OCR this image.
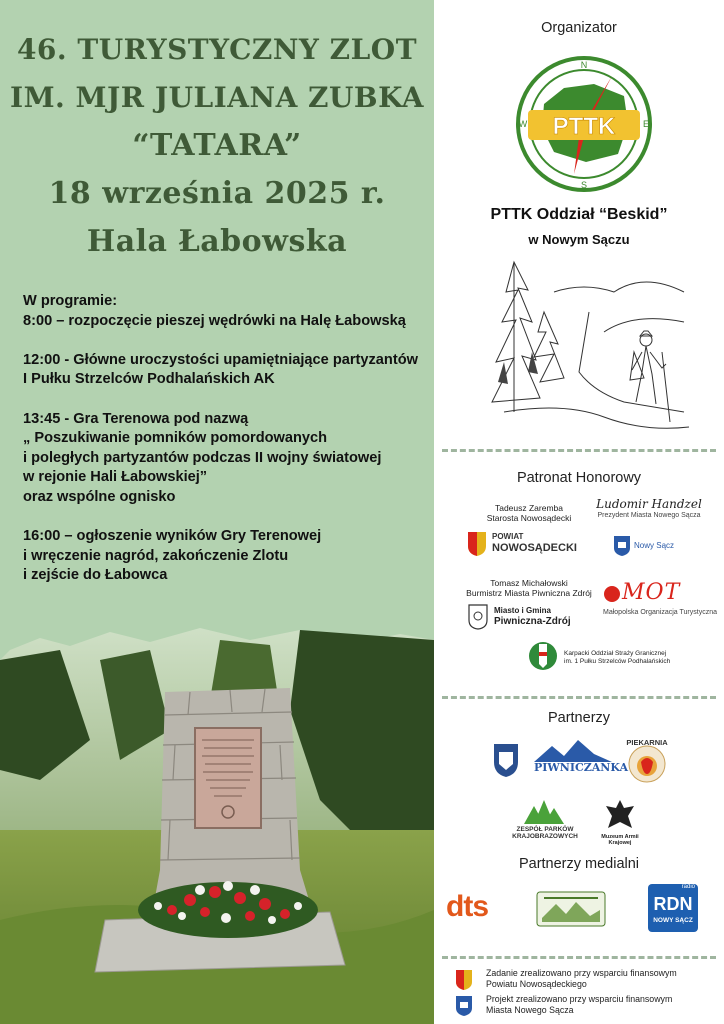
46. TURYSTYCZNY ZLOT
IM. MJR JULIANA ZUBKA
“TATARA”
18 września 2025 r.
Hala Łabowska

W programie:

8:00 – rozpoczęcie pieszej wędrówki na Halę Łabowską

12:00 - Główne uroczystości upamiętniające partyzantów I Pułku Strzelców Podhalańskich AK

13:45 - Gra Terenowa pod nazwą
„ Poszukiwanie pomników pomordowanych
i poległych partyzantów podczas II wojny światowej
w rejonie Hali Łabowskiej”
oraz wspólne ognisko

16:00 – ogłoszenie wyników Gry Terenowej
i wręczenie nagród, zakończenie Zlotu
i zejście do Łabowca

Organizator
PTTK
N
E
S
W
PTTK Oddział “Beskid”
w Nowym Sączu
Patronat Honorowy
Tadeusz Zaremba
Starosta Nowosądecki
Ludomir Handzel
Prezydent Miasta Nowego Sącza
POWIAT
NOWOSĄDECKI	Nowy Sącz
Tomasz Michałowski
Burmistrz Miasta Piwniczna Zdrój
Miasto i Gmina
Piwniczna-Zdrój
MOT
Małopolska Organizacja Turystyczna
Karpacki Oddział Straży Granicznej
im. 1 Pułku Strzelców Podhalańskich
Partnerzy
PIWNICZANKA
PIEKARNIA
ZESPÓŁ PARKÓW
KRAJOBRAZOWYCH	Muzeum Armii Krajowej
Partnerzy medialni
dts
radio
RDN
NOWY SĄCZ
Zadanie zrealizowano przy wsparciu finansowym
Powiatu Nowosądeckiego
Projekt zrealizowano przy wsparciu finansowym
Miasta Nowego Sącza
